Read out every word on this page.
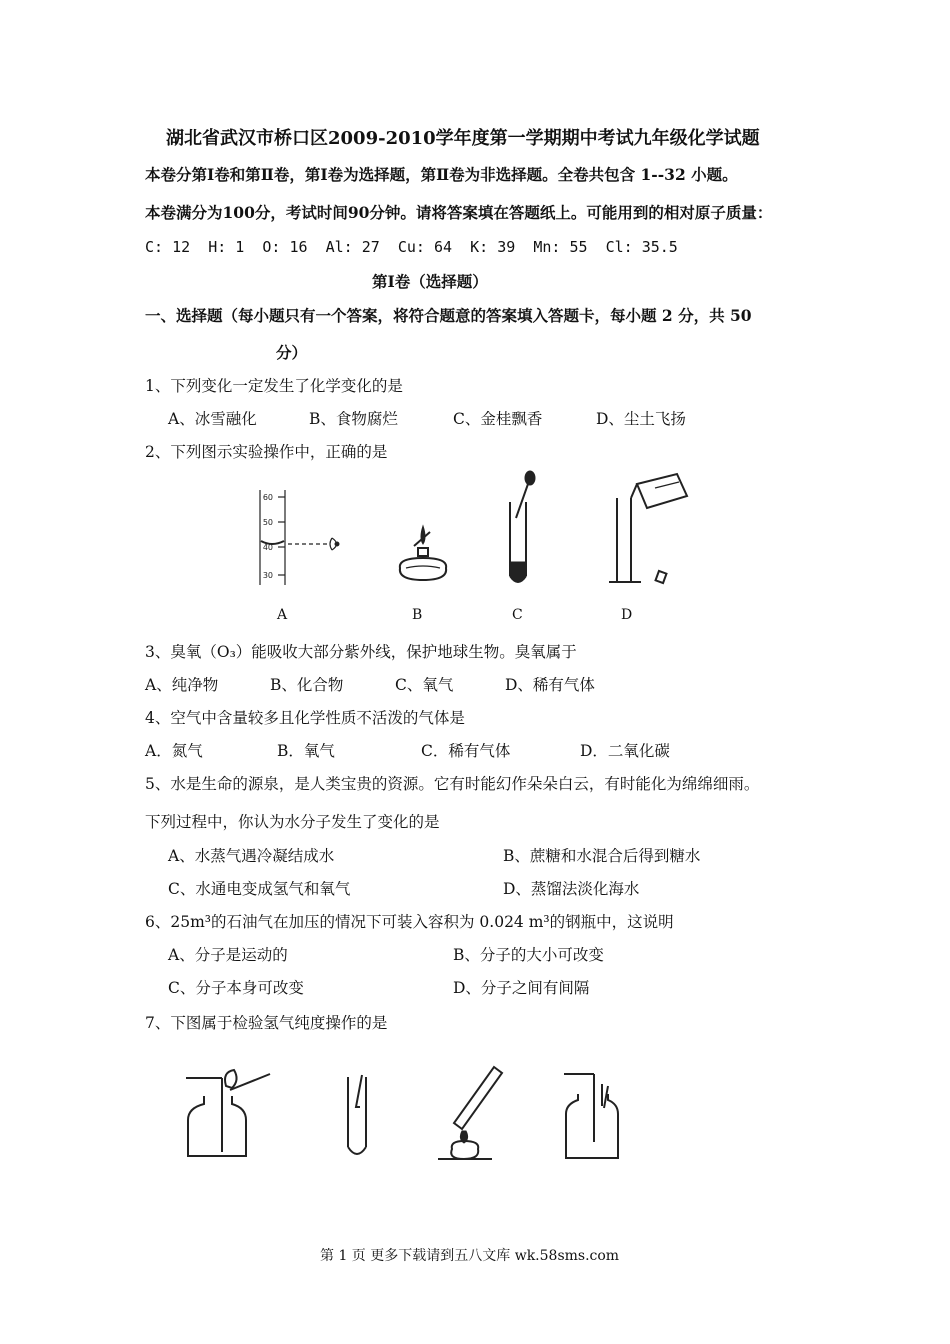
湖北省武汉市桥口区2009-2010学年度第一学期期中考试九年级化学试题
本卷分第Ⅰ卷和第Ⅱ卷，第Ⅰ卷为选择题，第Ⅱ卷为非选择题。全卷共包含 1--32 小题。
本卷满分为100分，考试时间90分钟。请将答案填在答题纸上。可能用到的相对原子质量：
C: 12  H: 1  O: 16  Al: 27  Cu: 64  K: 39  Mn: 55  Cl: 35.5
第Ⅰ卷（选择题）
一、选择题（每小题只有一个答案，将符合题意的答案填入答题卡，每小题 2 分，共 50
分）
1、下列变化一定发生了化学变化的是
A、冰雪融化	B、食物腐烂	C、金桂飘香	D、尘土飞扬
2、下列图示实验操作中，正确的是
60
50
40
30
A	B	C	D
3、臭氧（O₃）能吸收大部分紫外线，保护地球生物。臭氧属于
A、纯净物	B、化合物	C、氧气	D、稀有气体
4、空气中含量较多且化学性质不活泼的气体是
A．氮气	B．氧气	C．稀有气体	D．二氧化碳
5、水是生命的源泉，是人类宝贵的资源。它有时能幻作朵朵白云，有时能化为绵绵细雨。
下列过程中，你认为水分子发生了变化的是
A、水蒸气遇冷凝结成水	B、蔗糖和水混合后得到糖水
C、水通电变成氢气和氧气	D、蒸馏法淡化海水
6、25m³的石油气在加压的情况下可装入容积为 0.024 m³的钢瓶中，这说明
A、分子是运动的	B、分子的大小可改变
C、分子本身可改变	D、分子之间有间隔
7、下图属于检验氢气纯度操作的是
第 1 页 更多下载请到五八文库 wk.58sms.com
